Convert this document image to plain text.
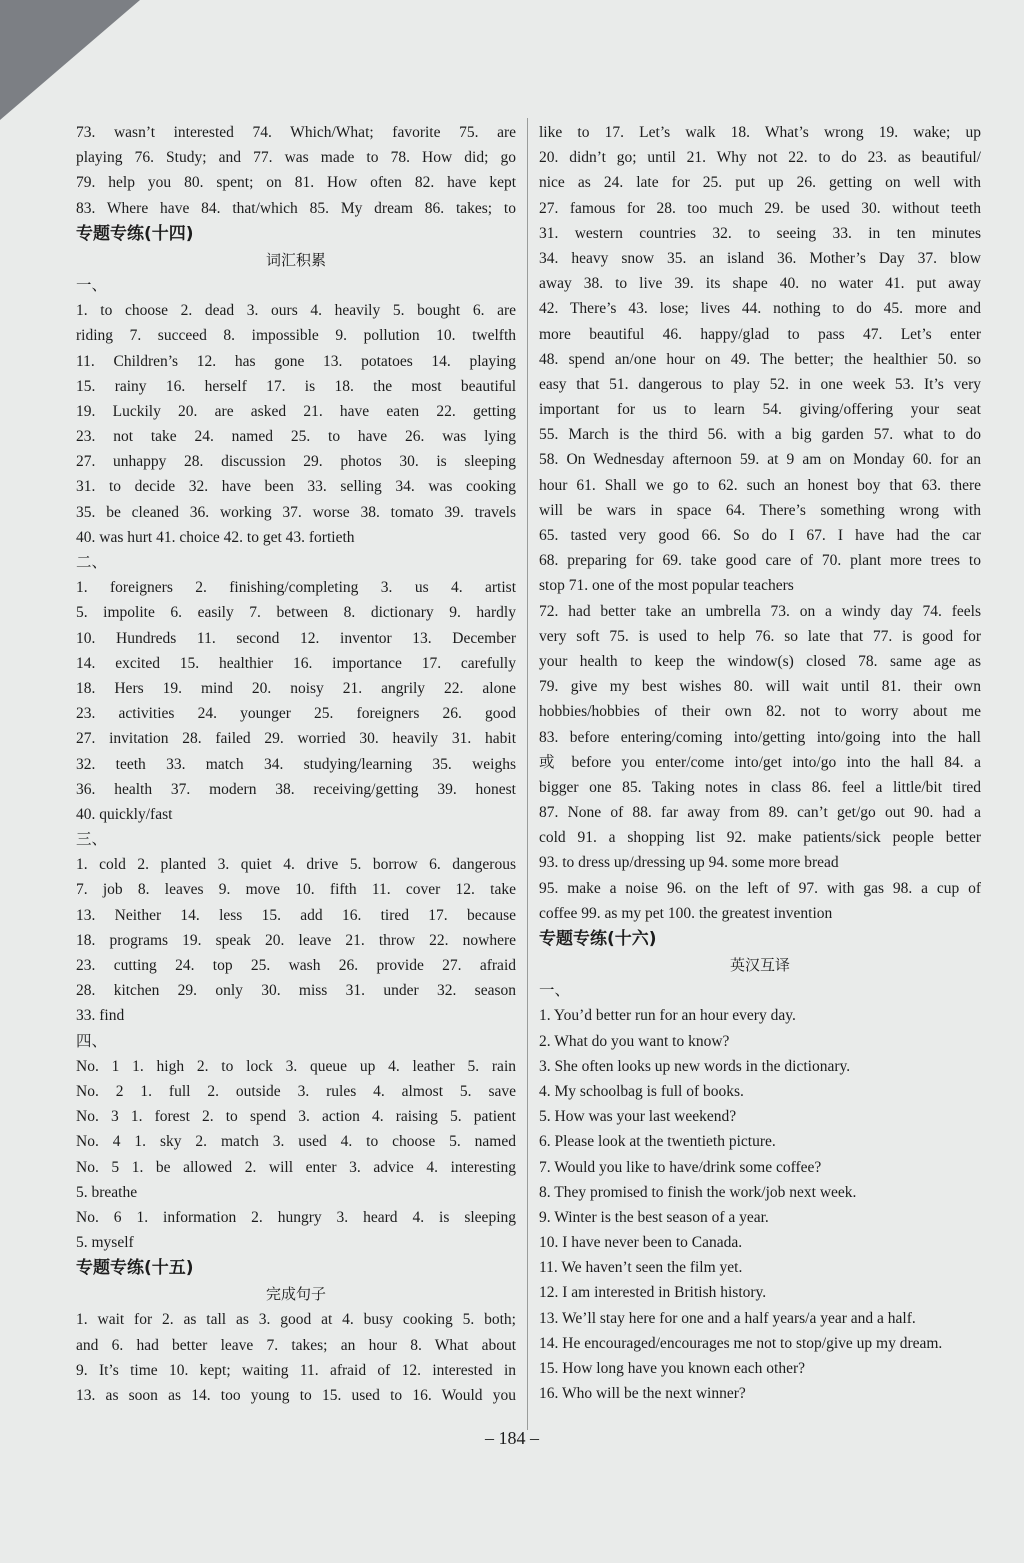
73. wasn’t interested 74. Which/What; favorite 75. are
playing 76. Study; and 77. was made to 78. How did; go
79. help you 80. spent; on 81. How often 82. have kept
83. Where have 84. that/which 85. My dream 86. takes; to
专题专练(十四)
词汇积累
一、
1. to choose 2. dead 3. ours 4. heavily 5. bought 6. are
riding 7. succeed 8. impossible 9. pollution 10. twelfth
11. Children’s 12. has gone 13. potatoes 14. playing
15. rainy 16. herself 17. is 18. the most beautiful
19. Luckily 20. are asked 21. have eaten 22. getting
23. not take 24. named 25. to have 26. was lying
27. unhappy 28. discussion 29. photos 30. is sleeping
31. to decide 32. have been 33. selling 34. was cooking
35. be cleaned 36. working 37. worse 38. tomato 39. travels
40. was hurt 41. choice 42. to get 43. fortieth
二、
1. foreigners 2. finishing/completing 3. us 4. artist
5. impolite 6. easily 7. between 8. dictionary 9. hardly
10. Hundreds 11. second 12. inventor 13. December
14. excited 15. healthier 16. importance 17. carefully
18. Hers 19. mind 20. noisy 21. angrily 22. alone
23. activities 24. younger 25. foreigners 26. good
27. invitation 28. failed 29. worried 30. heavily 31. habit
32. teeth 33. match 34. studying/learning 35. weighs
36. health 37. modern 38. receiving/getting 39. honest
40. quickly/fast
三、
1. cold 2. planted 3. quiet 4. drive 5. borrow 6. dangerous
7. job 8. leaves 9. move 10. fifth 11. cover 12. take
13. Neither 14. less 15. add 16. tired 17. because
18. programs 19. speak 20. leave 21. throw 22. nowhere
23. cutting 24. top 25. wash 26. provide 27. afraid
28. kitchen 29. only 30. miss 31. under 32. season
33. find
四、
No. 1 1. high 2. to lock 3. queue up 4. leather 5. rain
No. 2 1. full 2. outside 3. rules 4. almost 5. save
No. 3 1. forest 2. to spend 3. action 4. raising 5. patient
No. 4 1. sky 2. match 3. used 4. to choose 5. named
No. 5 1. be allowed 2. will enter 3. advice 4. interesting
5. breathe
No. 6 1. information 2. hungry 3. heard 4. is sleeping
5. myself
专题专练(十五)
完成句子
1. wait for 2. as tall as 3. good at 4. busy cooking 5. both;
and 6. had better leave 7. takes; an hour 8. What about
9. It’s time 10. kept; waiting 11. afraid of 12. interested in
13. as soon as 14. too young to 15. used to 16. Would you
like to 17. Let’s walk 18. What’s wrong 19. wake; up
20. didn’t go; until 21. Why not 22. to do 23. as beautiful/
nice as 24. late for 25. put up 26. getting on well with
27. famous for 28. too much 29. be used 30. without teeth
31. western countries 32. to seeing 33. in ten minutes
34. heavy snow 35. an island 36. Mother’s Day 37. blow
away 38. to live 39. its shape 40. no water 41. put away
42. There’s 43. lose; lives 44. nothing to do 45. more and
more beautiful 46. happy/glad to pass 47. Let’s enter
48. spend an/one hour on 49. The better; the healthier 50. so
easy that 51. dangerous to play 52. in one week 53. It’s very
important for us to learn 54. giving/offering your seat
55. March is the third 56. with a big garden 57. what to do
58. On Wednesday afternoon 59. at 9 am on Monday 60. for an
hour 61. Shall we go to 62. such an honest boy that 63. there
will be wars in space 64. There’s something wrong with
65. tasted very good 66. So do I 67. I have had the car
68. preparing for 69. take good care of 70. plant more trees to
stop 71. one of the most popular teachers
72. had better take an umbrella 73. on a windy day 74. feels
very soft 75. is used to help 76. so late that 77. is good for
your health to keep the window(s) closed 78. same age as
79. give my best wishes 80. will wait until 81. their own
hobbies/hobbies of their own 82. not to worry about me
83. before entering/coming into/getting into/going into the hall
或 before you enter/come into/get into/go into the hall 84. a
bigger one 85. Taking notes in class 86. feel a little/bit tired
87. None of 88. far away from 89. can’t get/go out 90. had a
cold 91. a shopping list 92. make patients/sick people better
93. to dress up/dressing up 94. some more bread
95. make a noise 96. on the left of 97. with gas 98. a cup of
coffee 99. as my pet 100. the greatest invention
专题专练(十六)
英汉互译
一、
1. You’d better run for an hour every day.
2. What do you want to know?
3. She often looks up new words in the dictionary.
4. My schoolbag is full of books.
5. How was your last weekend?
6. Please look at the twentieth picture.
7. Would you like to have/drink some coffee?
8. They promised to finish the work/job next week.
9. Winter is the best season of a year.
10. I have never been to Canada.
11. We haven’t seen the film yet.
12. I am interested in British history.
13. We’ll stay here for one and a half years/a year and a half.
14. He encouraged/encourages me not to stop/give up my dream.
15. How long have you known each other?
16. Who will be the next winner?
– 184 –
